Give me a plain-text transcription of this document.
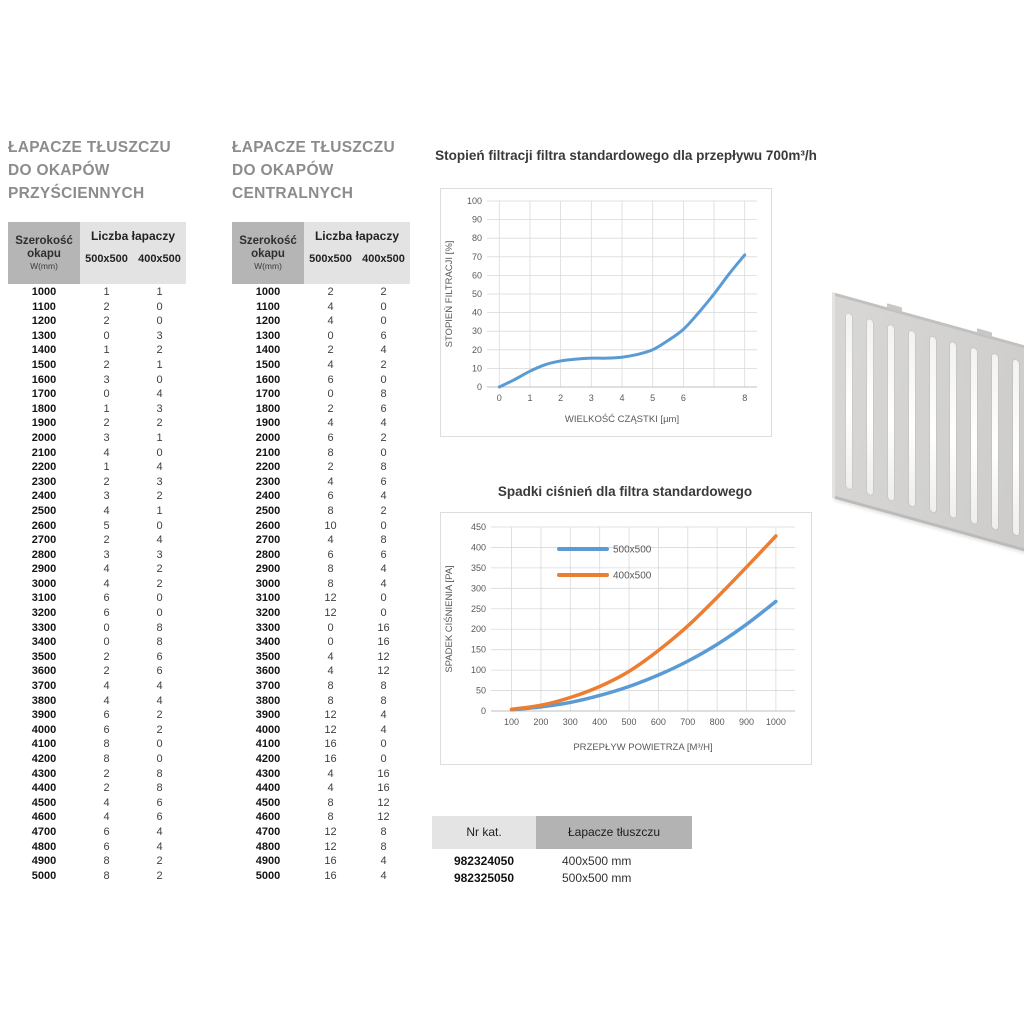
ŁAPACZE TŁUSZCZU
DO OKAPÓW
PRZYŚCIENNYCH
Szerokość
okapu
W(mm)
Liczba łapaczy
500x500 400x500
1000	1	1
1100	2	0
1200	2	0
1300	0	3
1400	1	2
1500	2	1
1600	3	0
1700	0	4
1800	1	3
1900	2	2
2000	3	1
2100	4	0
2200	1	4
2300	2	3
2400	3	2
2500	4	1
2600	5	0
2700	2	4
2800	3	3
2900	4	2
3000	4	2
3100	6	0
3200	6	0
3300	0	8
3400	0	8
3500	2	6
3600	2	6
3700	4	4
3800	4	4
3900	6	2
4000	6	2
4100	8	0
4200	8	0
4300	2	8
4400	2	8
4500	4	6
4600	4	6
4700	6	4
4800	6	4
4900	8	2
5000	8	2
ŁAPACZE TŁUSZCZU
DO OKAPÓW
CENTRALNYCH
Szerokość
okapu
W(mm)
Liczba łapaczy
500x500 400x500
1000	2	2
1100	4	0
1200	4	0
1300	0	6
1400	2	4
1500	4	2
1600	6	0
1700	0	8
1800	2	6
1900	4	4
2000	6	2
2100	8	0
2200	2	8
2300	4	6
2400	6	4
2500	8	2
2600	10	0
2700	4	8
2800	6	6
2900	8	4
3000	8	4
3100	12	0
3200	12	0
3300	0	16
3400	0	16
3500	4	12
3600	4	12
3700	8	8
3800	8	8
3900	12	4
4000	12	4
4100	16	0
4200	16	0
4300	4	16
4400	4	16
4500	8	12
4600	8	12
4700	12	8
4800	12	8
4900	16	4
5000	16	4
Stopień filtracji filtra standardowego dla przepływu 700m³/h
0
10
20
30
40
50
60
70
80
90
100
0	1	2	3	4	5	6	8
WIELKOŚĆ CZĄSTKI [µm]
STOPIEŃ FILTRACJI [%]
Spadki ciśnień dla filtra standardowego
0
50
100
150
200
250
300
350
400
450
100 200 300 400 500 600 700 800 900 1000
PRZEPŁYW POWIETRZA [M³/H]
SPADEK CIŚNIENIA [PA]
500x500
400x500
Nr kat.	Łapacze tłuszczu
982324050	400x500 mm
982325050	500x500 mm
